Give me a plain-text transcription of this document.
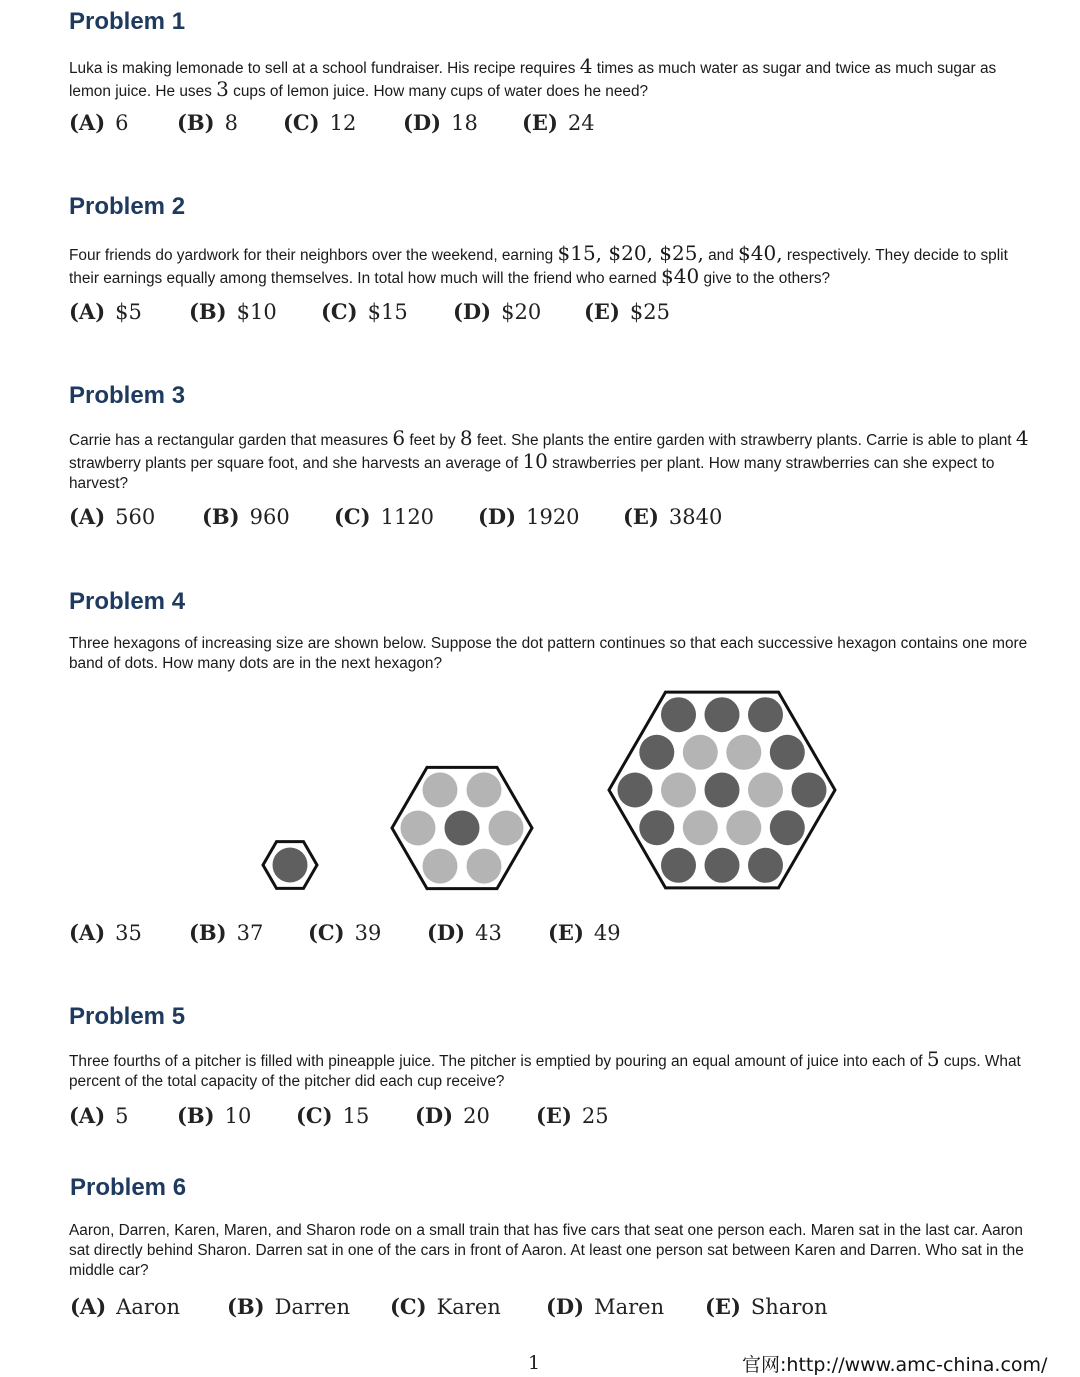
Problem 1
Luka is making lemonade to sell at a school fundraiser. His recipe requires 4 times as much water as sugar and twice as much sugar as lemon juice. He uses 3 cups of lemon juice. How many cups of water does he need?
(A) 6 (B) 8 (C) 12 (D) 18 (E) 24
Problem 2
Four friends do yardwork for their neighbors over the weekend, earning $15, $20, $25, and $40, respectively. They decide to split their earnings equally among themselves. In total how much will the friend who earned $40 give to the others?
(A) $5 (B) $10 (C) $15 (D) $20 (E) $25
Problem 3
Carrie has a rectangular garden that measures 6 feet by 8 feet. She plants the entire garden with strawberry plants. Carrie is able to plant 4 strawberry plants per square foot, and she harvests an average of 10 strawberries per plant. How many strawberries can she expect to harvest?
(A) 560 (B) 960 (C) 1120 (D) 1920 (E) 3840
Problem 4
Three hexagons of increasing size are shown below. Suppose the dot pattern continues so that each successive hexagon contains one more band of dots. How many dots are in the next hexagon?
(A) 35 (B) 37 (C) 39 (D) 43 (E) 49
Problem 5
Three fourths of a pitcher is filled with pineapple juice. The pitcher is emptied by pouring an equal amount of juice into each of 5 cups. What percent of the total capacity of the pitcher did each cup receive?
(A) 5 (B) 10 (C) 15 (D) 20 (E) 25
Problem 6
Aaron, Darren, Karen, Maren, and Sharon rode on a small train that has five cars that seat one person each. Maren sat in the last car. Aaron sat directly behind Sharon. Darren sat in one of the cars in front of Aaron. At least one person sat between Karen and Darren. Who sat in the middle car?
(A) Aaron (B) Darren (C) Karen (D) Maren (E) Sharon
1	官网:http://www.amc-china.com/
